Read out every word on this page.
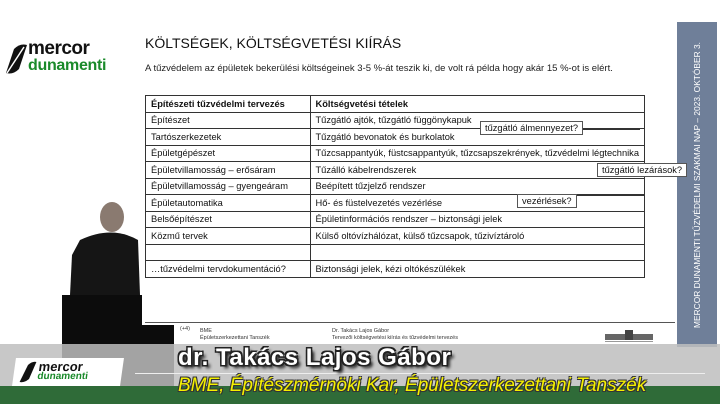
mercor
dunamenti
KÖLTSÉGEK, KÖLTSÉGVETÉSI KIÍRÁS
A tűzvédelem az épületek bekerülési költségeinek 3-5 %-át teszik ki, de volt rá példa hogy akár 15 %-ot is elért.
Építészeti tűzvédelmi tervezés	Költségvetési tételek
Építészet	Tűzgátló ajtók, tűzgátló függönykapuk
Tartószerkezetek	Tűzgátló bevonatok és burkolatok
Épületgépészet	Tűzcsappantyúk, füstcsappantyúk, tűzcsapszekrények, tűzvédelmi légtechnika
Épületvillamosság – erősáram	Tűzálló kábelrendszerek
Épületvillamosság – gyengeáram	Beépített tűzjelző rendszer
Épületautomatika	Hő- és füstelvezetés vezérlése
Belsőépítészet	Épületinformációs rendszer – biztonsági jelek
Közmű tervek	Külső oltóvízhálózat, külső tűzcsapok, tűzivíztároló

…tűzvédelmi tervdokumentáció?	Biztonsági jelek, kézi oltókészülékek
tűzgátló álmennyezet?
tűzgátló lezárások?
vezérlések?	MERCOR DUNAMENTI TŰZVÉDELMI SZAKMAI NAP – 2023. OKTÓBER 3.
(+4) BME
Épületszerkezettani Tanszék
Dr. Takács Lajos Gábor
Tervezői költségvetési kiírás és tűzvédelmi tervezés
mercor
dunamenti
dr. Takács Lajos Gábor
BME, Építészmérnöki Kar, Épületszerkezettani Tanszék
